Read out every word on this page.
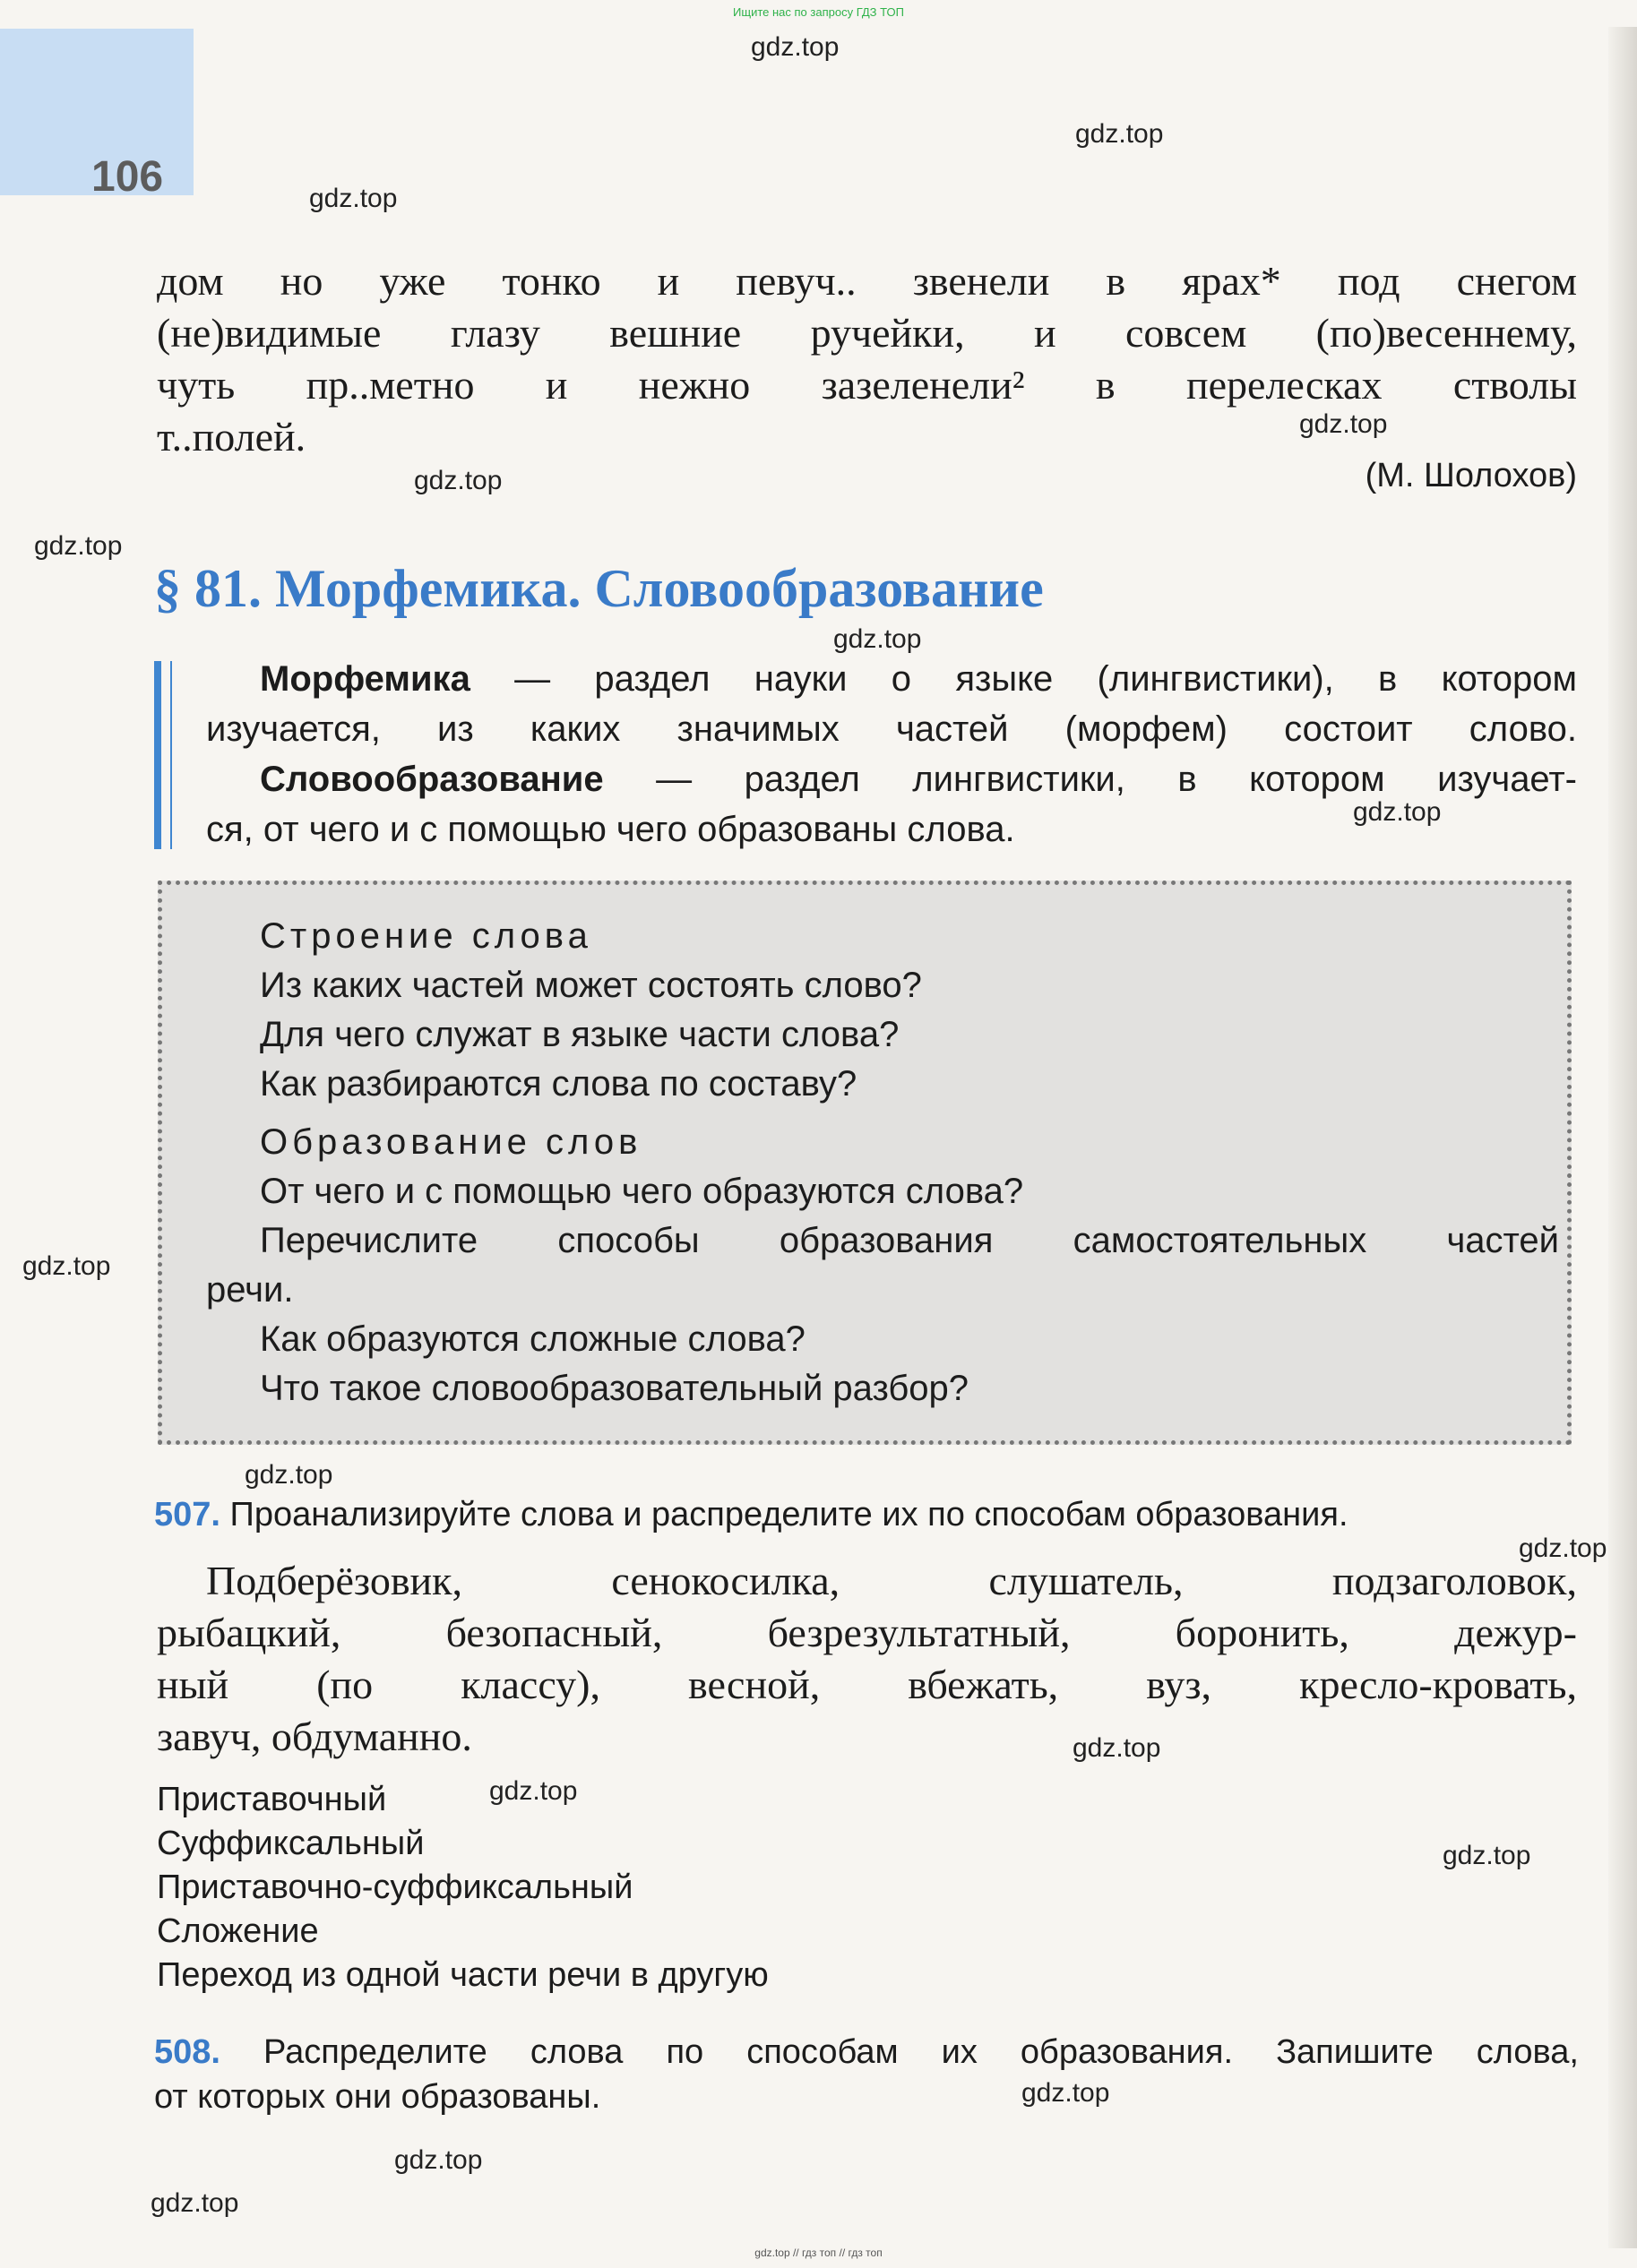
Ищите нас по запросу ГДЗ ТОП
106
дом но уже тонко и певуч.. звенели в ярах* под снегом
(не)видимые глазу вешние ручейки, и совсем (по)весеннему,
чуть пр..метно и нежно зазеленели² в перелесках стволы
т..полей.
(М. Шолохов)
§ 81. Морфемика. Словообразование
Морфемика — раздел науки о языке (лингвистики), в котором
изучается, из каких значимых частей (морфем) состоит слово.
Словообразование — раздел лингвистики, в котором изучает-
ся, от чего и с помощью чего образованы слова.
Строение слова
Из каких частей может состоять слово?
Для чего служат в языке части слова?
Как разбираются слова по составу?
Образование слов
От чего и с помощью чего образуются слова?
Перечислите способы образования самостоятельных частей
речи.
Как образуются сложные слова?
Что такое словообразовательный разбор?
507. Проанализируйте слова и распределите их по способам образования.
Подберёзовик, сенокосилка, слушатель, подзаголовок,
рыбацкий, безопасный, безрезультатный, боронить, дежур-
ный (по классу), весной, вбежать, вуз, кресло-кровать,
завуч, обдуманно.
Приставочный
Суффиксальный
Приставочно-суффиксальный
Сложение
Переход из одной части речи в другую
508. Распределите слова по способам их образования. Запишите слова,
от которых они образованы.
gdz.top
gdz.top
gdz.top
gdz.top
gdz.top
gdz.top
gdz.top
gdz.top
gdz.top
gdz.top
gdz.top
gdz.top
gdz.top
gdz.top
gdz.top
gdz.top
gdz.top
gdz.top // гдз топ // гдз топ
